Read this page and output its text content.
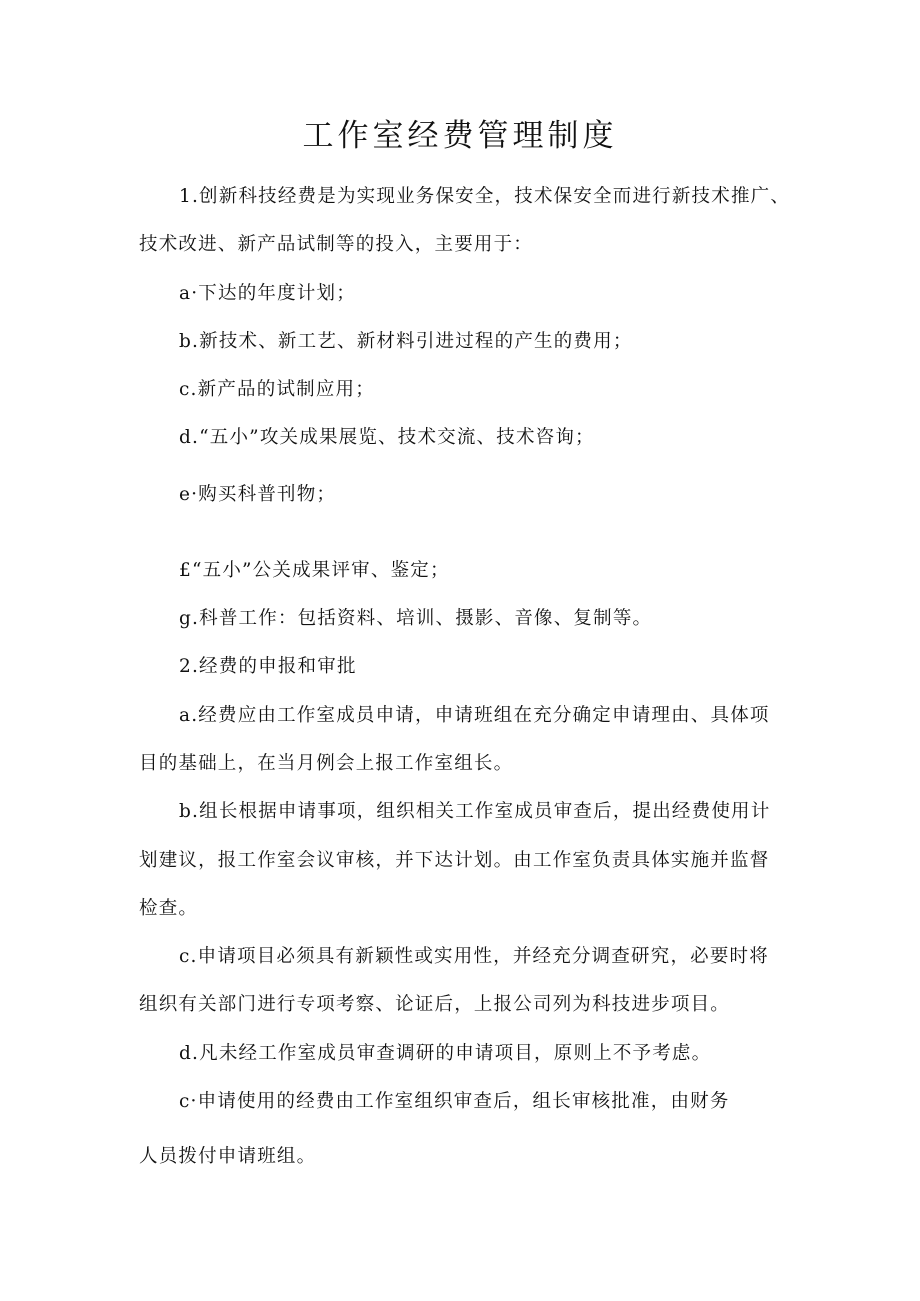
工作室经费管理制度

1.创新科技经费是为实现业务保安全，技术保安全而进行新技术推广、

技术改进、新产品试制等的投入，主要用于：

a·下达的年度计划；

b.新技术、新工艺、新材料引进过程的产生的费用；

c.新产品的试制应用；

d.“五小”攻关成果展览、技术交流、技术咨询；

e·购买科普刊物；

£“五小”公关成果评审、鉴定；

g.科普工作：包括资料、培训、摄影、音像、复制等。

2.经费的申报和审批

a.经费应由工作室成员申请，申请班组在充分确定申请理由、具体项

目的基础上，在当月例会上报工作室组长。

b.组长根据申请事项，组织相关工作室成员审查后，提出经费使用计

划建议，报工作室会议审核，并下达计划。由工作室负责具体实施并监督

检查。

c.申请项目必须具有新颖性或实用性，并经充分调查研究，必要时将

组织有关部门进行专项考察、论证后，上报公司列为科技进步项目。

d.凡未经工作室成员审查调研的申请项目，原则上不予考虑。

c·申请使用的经费由工作室组织审查后，组长审核批准，由财务

人员拨付申请班组。
